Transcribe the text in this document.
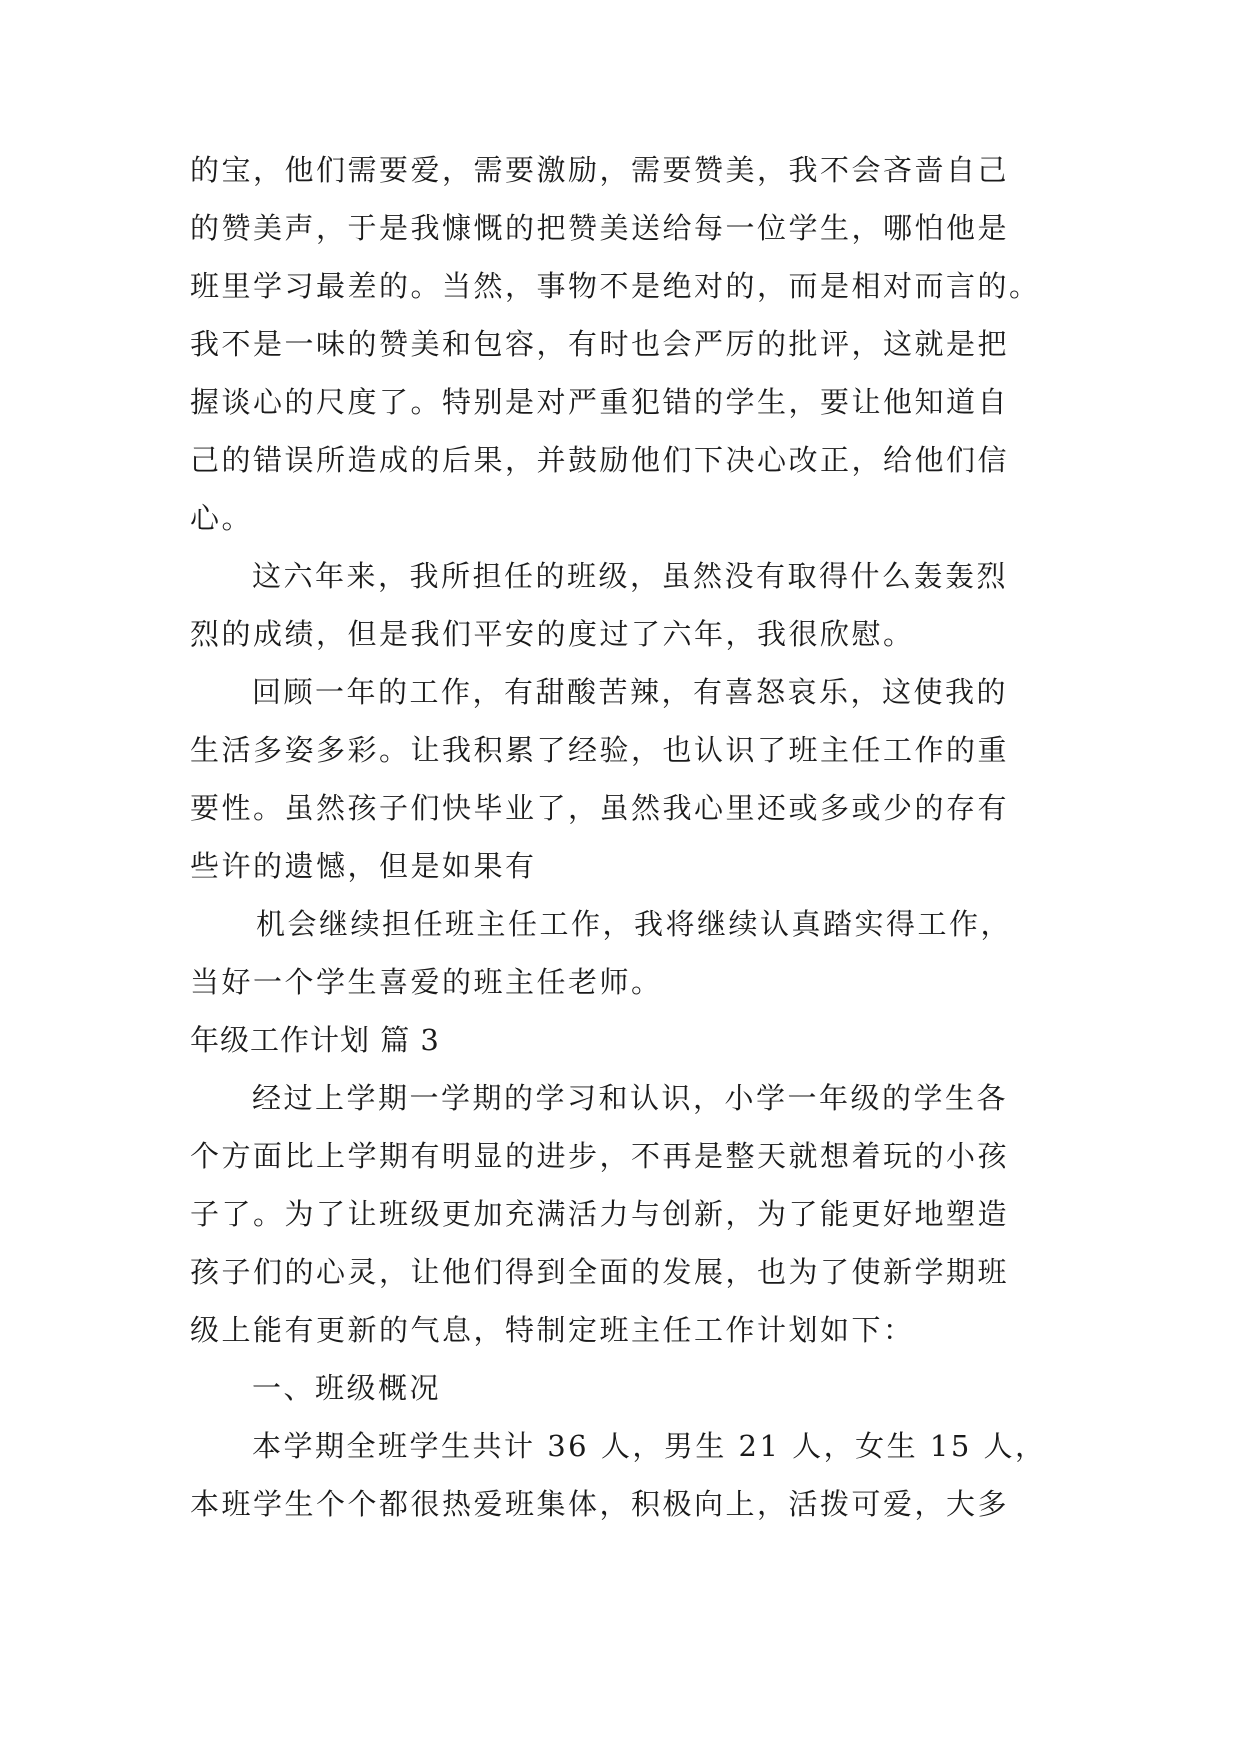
的宝，他们需要爱，需要激励，需要赞美，我不会吝啬自己
的赞美声，于是我慷慨的把赞美送给每一位学生，哪怕他是
班里学习最差的。当然，事物不是绝对的，而是相对而言的。
我不是一味的赞美和包容，有时也会严厉的批评，这就是把
握谈心的尺度了。特别是对严重犯错的学生，要让他知道自
己的错误所造成的后果，并鼓励他们下决心改正，给他们信
心。
这六年来，我所担任的班级，虽然没有取得什么轰轰烈
烈的成绩，但是我们平安的度过了六年，我很欣慰。
回顾一年的工作，有甜酸苦辣，有喜怒哀乐，这使我的
生活多姿多彩。让我积累了经验，也认识了班主任工作的重
要性。虽然孩子们快毕业了，虽然我心里还或多或少的存有
些许的遗憾，但是如果有
机会继续担任班主任工作，我将继续认真踏实得工作，
当好一个学生喜爱的班主任老师。
年级工作计划 篇 3
经过上学期一学期的学习和认识，小学一年级的学生各
个方面比上学期有明显的进步，不再是整天就想着玩的小孩
子了。为了让班级更加充满活力与创新，为了能更好地塑造
孩子们的心灵，让他们得到全面的发展，也为了使新学期班
级上能有更新的气息，特制定班主任工作计划如下：
一、班级概况
本学期全班学生共计 36 人，男生 21 人，女生 15 人，
本班学生个个都很热爱班集体，积极向上，活拨可爱，大多
